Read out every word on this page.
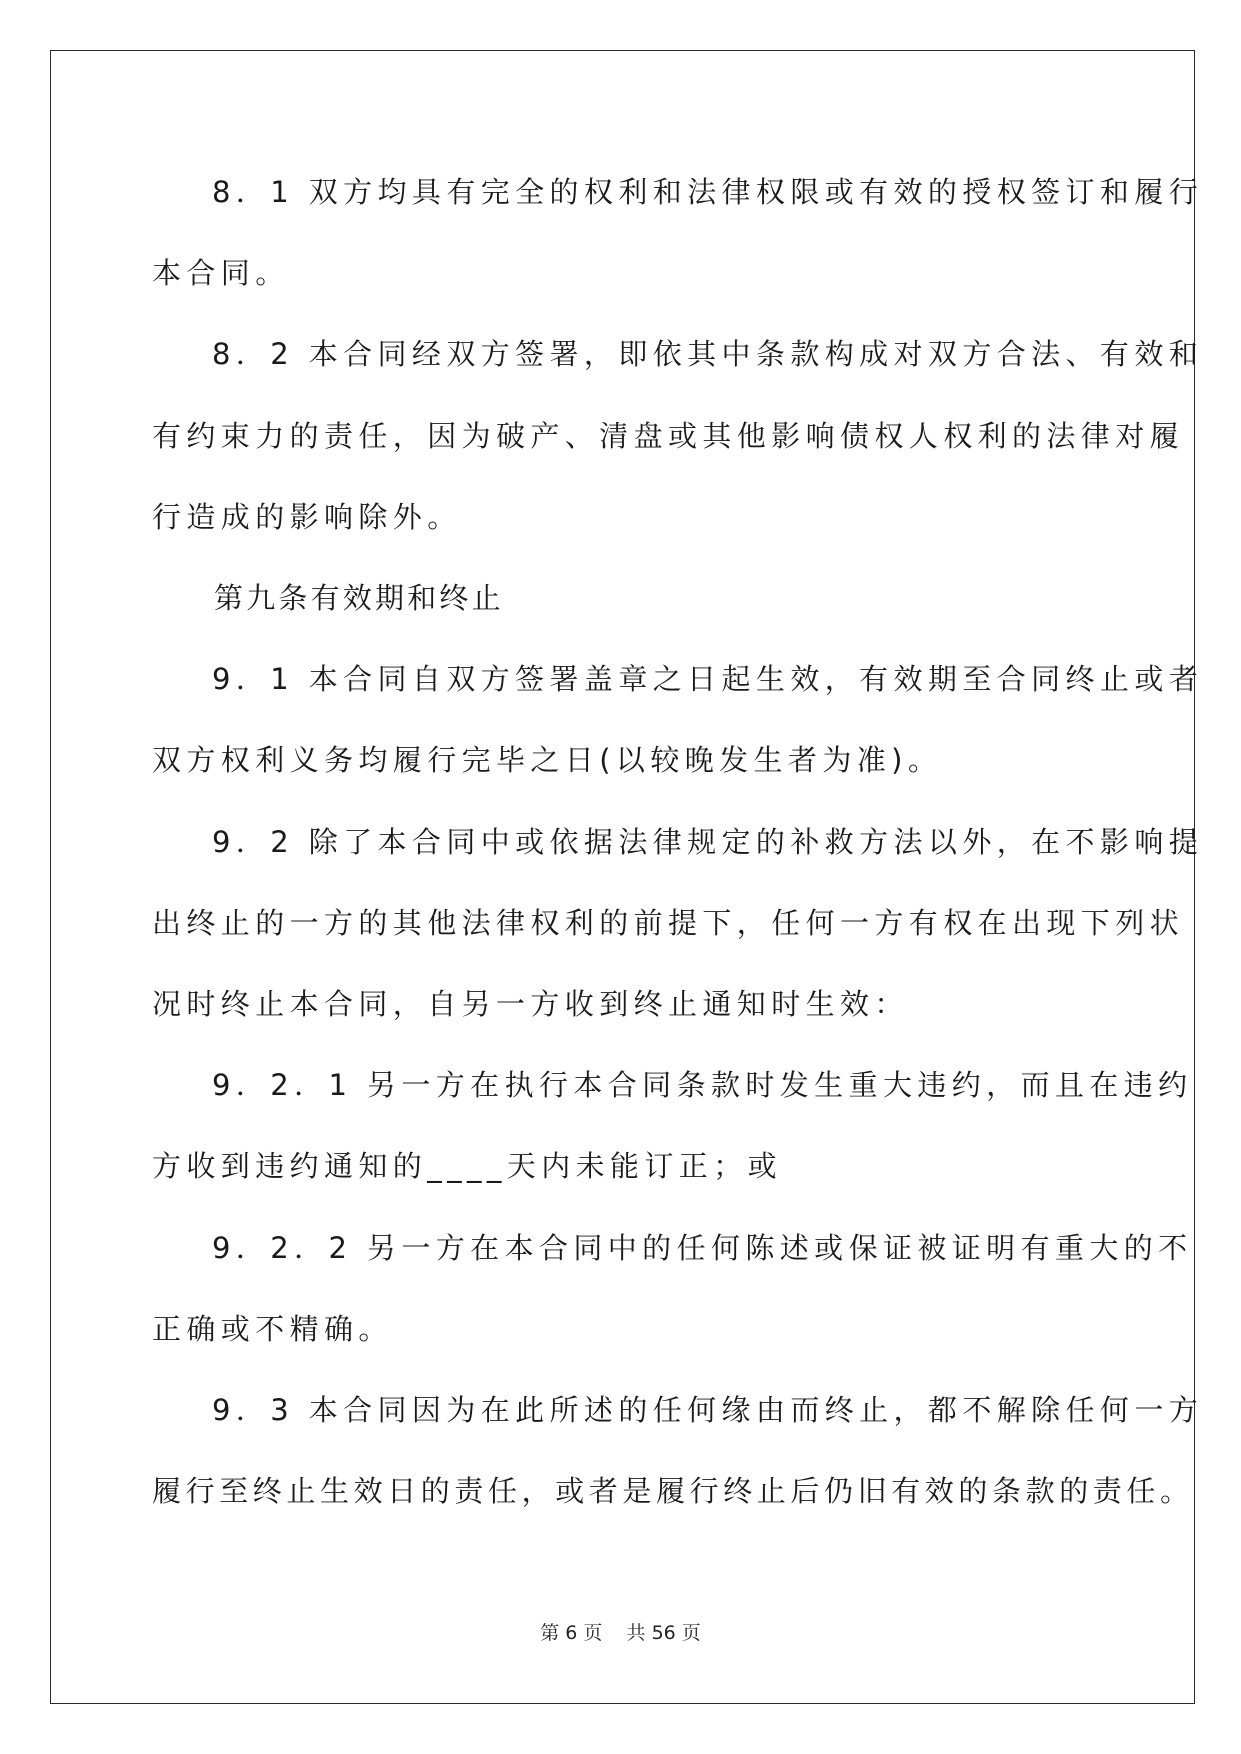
8．1 双方均具有完全的权利和法律权限或有效的授权签订和履行

本合同。

8．2 本合同经双方签署，即依其中条款构成对双方合法、有效和

有约束力的责任，因为破产、清盘或其他影响债权人权利的法律对履

行造成的影响除外。

第九条有效期和终止

9．1 本合同自双方签署盖章之日起生效，有效期至合同终止或者

双方权利义务均履行完毕之日(以较晚发生者为准)。

9．2 除了本合同中或依据法律规定的补救方法以外，在不影响提

出终止的一方的其他法律权利的前提下，任何一方有权在出现下列状

况时终止本合同，自另一方收到终止通知时生效：

9．2．1 另一方在执行本合同条款时发生重大违约，而且在违约

方收到违约通知的____天内未能订正；或

9．2．2 另一方在本合同中的任何陈述或保证被证明有重大的不

正确或不精确。

9．3 本合同因为在此所述的任何缘由而终止，都不解除任何一方

履行至终止生效日的责任，或者是履行终止后仍旧有效的条款的责任。

第 6 页    共 56 页
